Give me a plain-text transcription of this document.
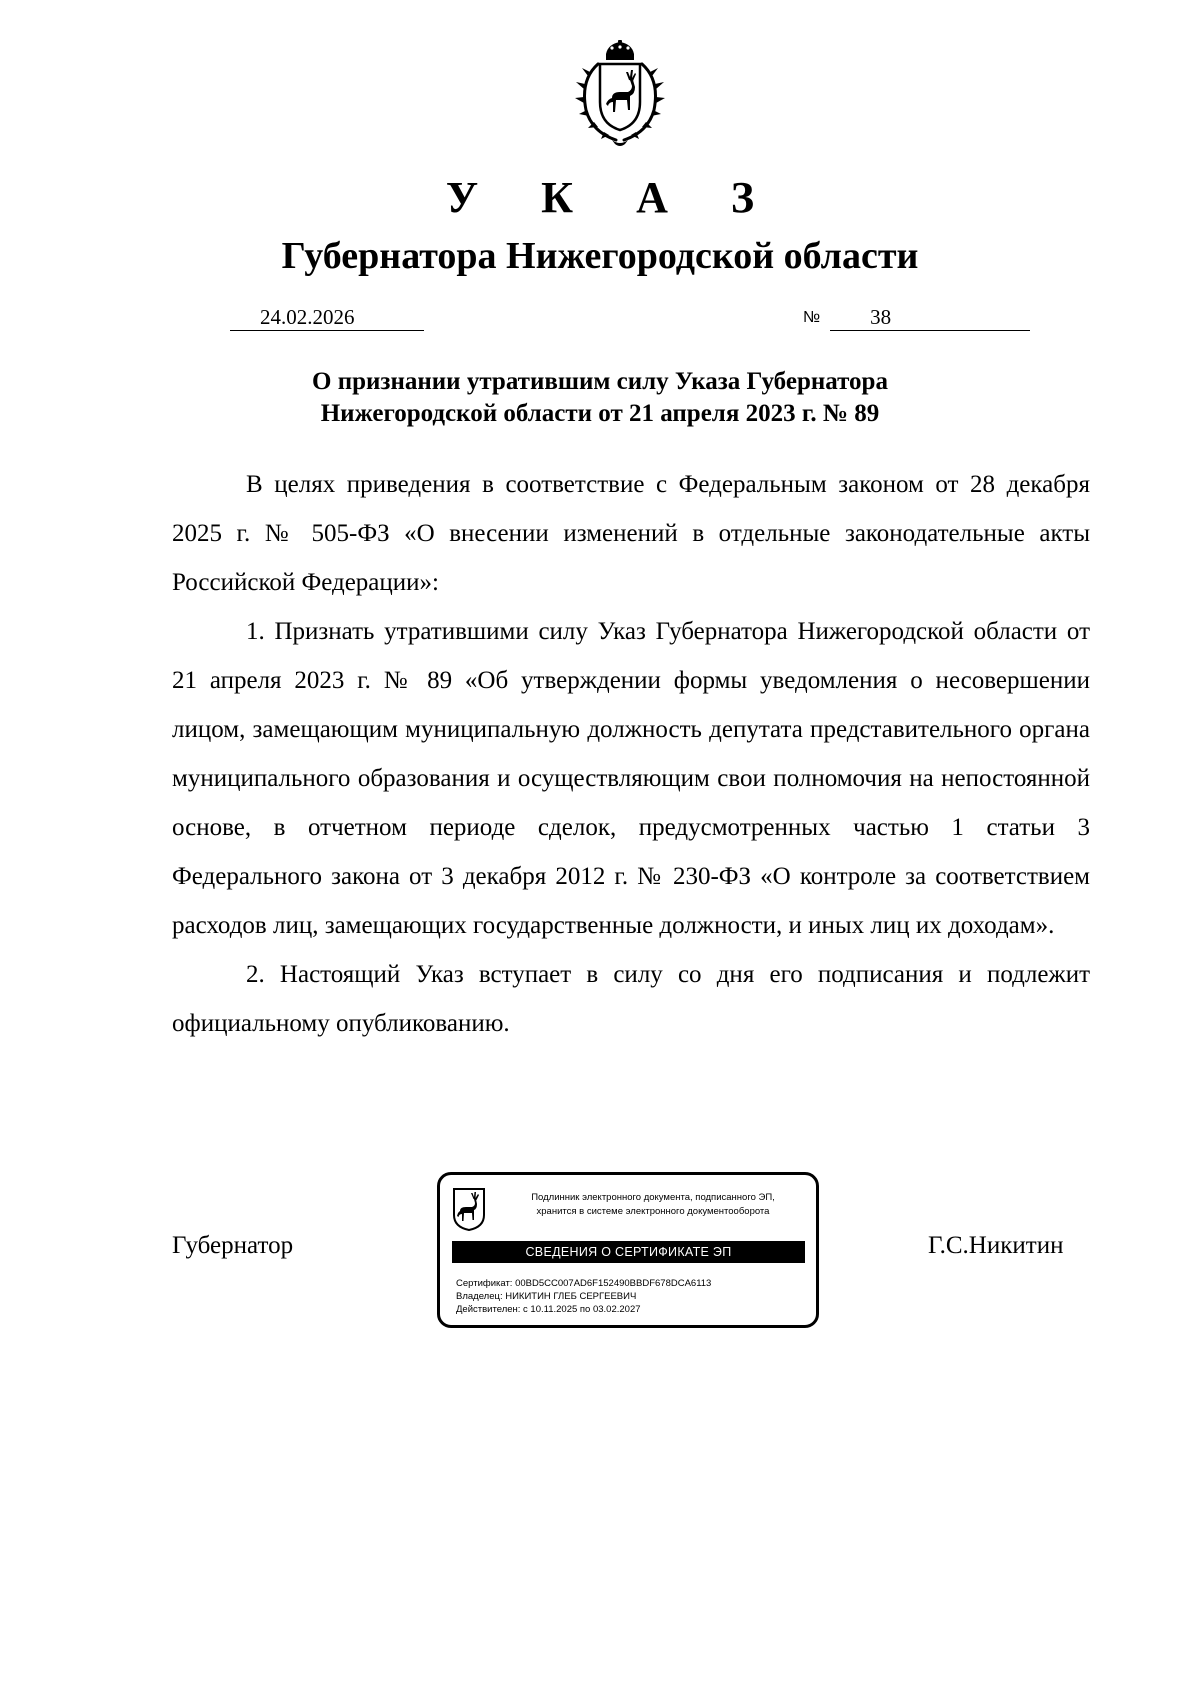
У К А З
Губернатора Нижегородской области
24.02.2026	№	38
О признании утратившим силу Указа Губернатора
Нижегородской области от 21 апреля 2023 г. № 89

В целях приведения в соответствие с Федеральным законом от 28 декабря 2025 г. № 505-ФЗ «О внесении изменений в отдельные законодательные акты Российской Федерации»:

1. Признать утратившими силу Указ Губернатора Нижегородской области от 21 апреля 2023 г. № 89 «Об утверждении формы уведомления о несовершении лицом, замещающим муниципальную должность депутата представительного органа муниципального образования и осуществляющим свои полномочия на непостоянной основе, в отчетном периоде сделок, предусмотренных частью 1 статьи 3 Федерального закона от 3 декабря 2012 г. № 230-ФЗ «О контроле за соответствием расходов лиц, замещающих государственные должности, и иных лиц их доходам».

2. Настоящий Указ вступает в силу со дня его подписания и подлежит официальному опубликованию.

Губернатор	Г.С.Никитин
Подлинник электронного документа, подписанного ЭП,
хранится в системе электронного документооборота
СВЕДЕНИЯ О СЕРТИФИКАТЕ ЭП
Сертификат: 00BD5CC007AD6F152490BBDF678DCA6113
Владелец: НИКИТИН ГЛЕБ СЕРГЕЕВИЧ
Действителен: с 10.11.2025 по 03.02.2027
